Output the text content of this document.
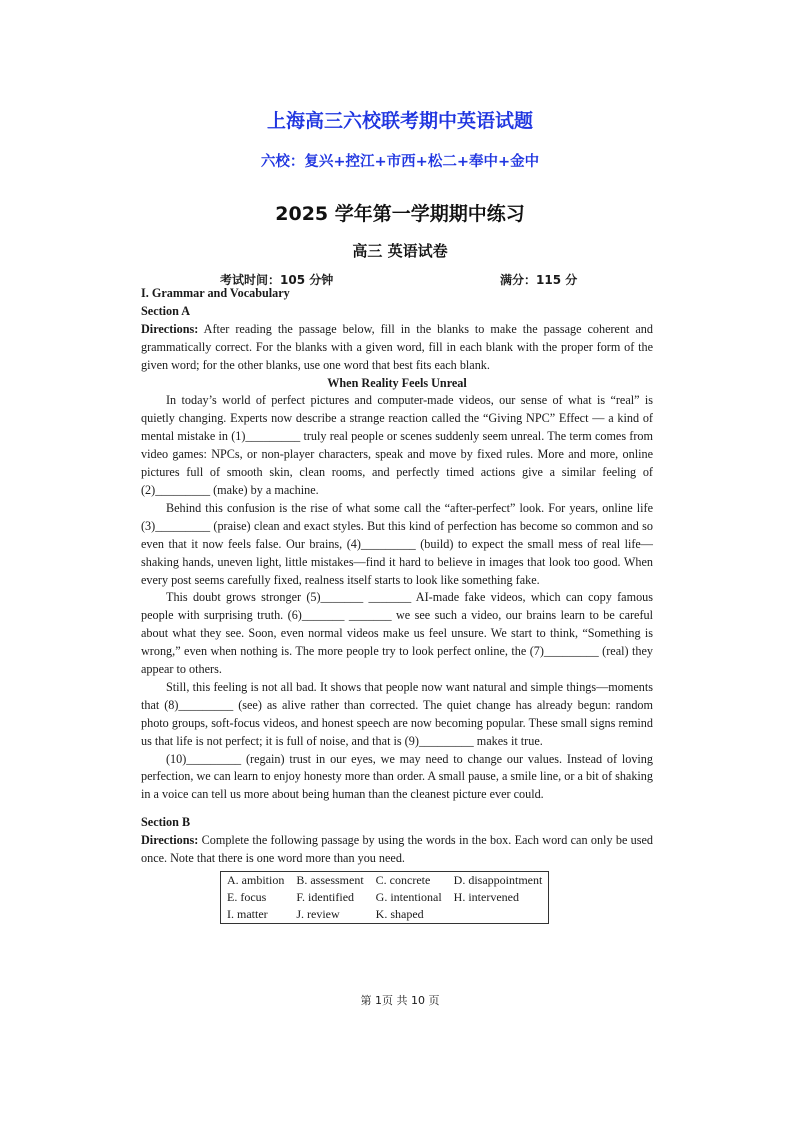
上海高三六校联考期中英语试题
六校：复兴+控江+市西+松二+奉中+金中
2025 学年第一学期期中练习
高三 英语试卷
考试时间：105 分钟	满分：115 分

I. Grammar and Vocabulary

Section A

Directions: After reading the passage below, fill in the blanks to make the passage coherent and grammatically correct. For the blanks with a given word, fill in each blank with the proper form of the given word; for the other blanks, use one word that best fits each blank.

When Reality Feels Unreal

In today’s world of perfect pictures and computer-made videos, our sense of what is “real” is quietly changing. Experts now describe a strange reaction called the “Giving NPC” Effect — a kind of mental mistake in (1)_________ truly real people or scenes suddenly seem unreal. The term comes from video games: NPCs, or non-player characters, speak and move by fixed rules. More and more, online pictures full of smooth skin, clean rooms, and perfectly timed actions give a similar feeling of (2)_________ (make) by a machine.

Behind this confusion is the rise of what some call the “after-perfect” look. For years, online life (3)_________ (praise) clean and exact styles. But this kind of perfection has become so common and so even that it now feels false. Our brains, (4)_________ (build) to expect the small mess of real life—shaking hands, uneven light, little mistakes—find it hard to believe in images that look too good. When every post seems carefully fixed, realness itself starts to look like something fake.

This doubt grows stronger (5)_______ _______ AI-made fake videos, which can copy famous people with surprising truth. (6)_______ _______ we see such a video, our brains learn to be careful about what they see. Soon, even normal videos make us feel unsure. We start to think, “Something is wrong,” even when nothing is. The more people try to look perfect online, the (7)_________ (real) they appear to others.

Still, this feeling is not all bad. It shows that people now want natural and simple things—moments that (8)_________ (see) as alive rather than corrected. The quiet change has already begun: random photo groups, soft-focus videos, and honest speech are now becoming popular. These small signs remind us that life is not perfect; it is full of noise, and that is (9)_________ makes it true.

(10)_________ (regain) trust in our eyes, we may need to change our values. Instead of loving perfection, we can learn to enjoy honesty more than order. A small pause, a smile line, or a bit of shaking in a voice can tell us more about being human than the cleanest picture ever could.

Section B

Directions: Complete the following passage by using the words in the box. Each word can only be used once. Note that there is one word more than you need.

A. ambition	B. assessment	C. concrete	D. disappointment
E. focus	F. identified	G. intentional	H. intervened
I. matter	J. review	K. shaped	
第 1页 共 10 页
